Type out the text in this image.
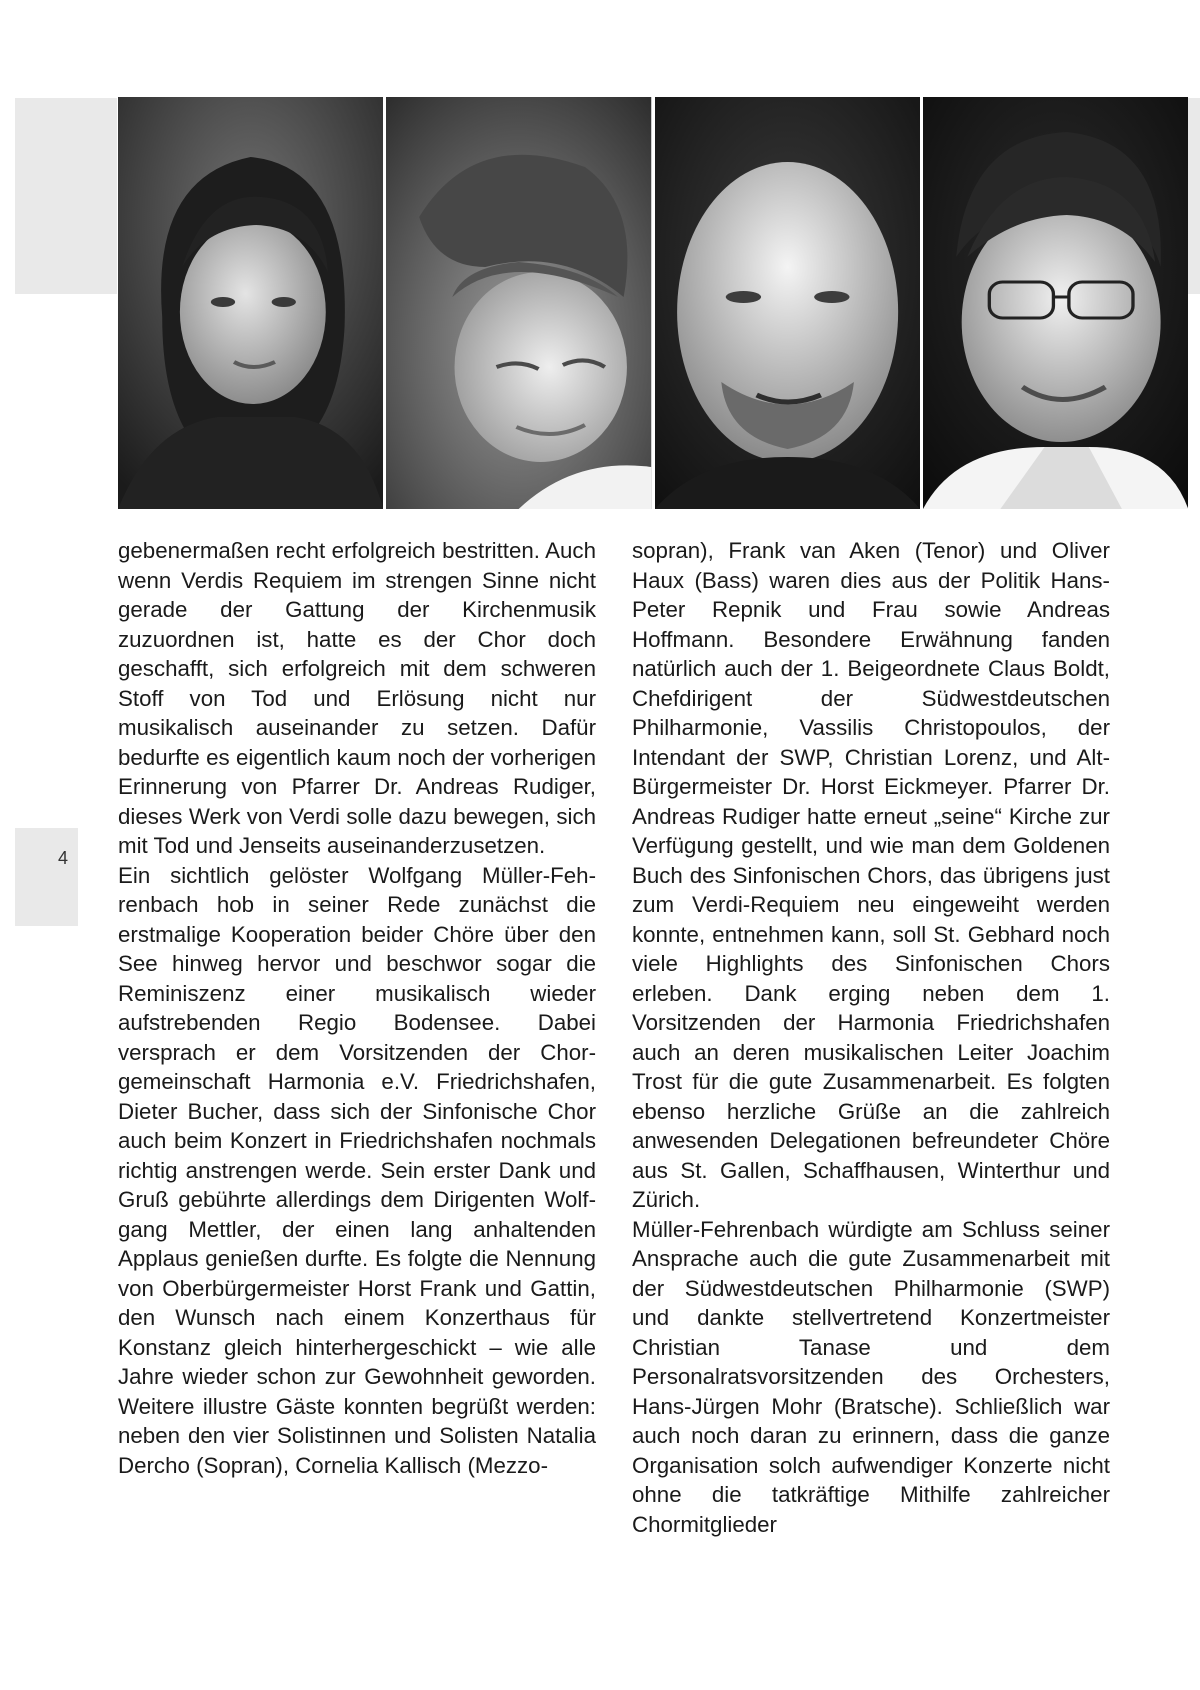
4

gebenermaßen recht erfolgreich bestritten. Auch wenn Verdis Requiem im strengen Sinne nicht gerade der Gattung der Kirchenmusik zuzuordnen ist, hatte es der Chor doch geschafft, sich erfolgreich mit dem schweren Stoff von Tod und Erlösung nicht nur musikalisch auseinander zu setzen. Dafür bedurfte es eigentlich kaum noch der vorherigen Erinnerung von Pfarrer Dr. Andreas Rudiger, dieses Werk von Verdi solle dazu bewegen, sich mit Tod und Jenseits auseinanderzusetzen.

Ein sichtlich gelöster Wolfgang Müller-Fehrenbach hob in seiner Rede zunächst die erstmalige Kooperation beider Chöre über den See hinweg hervor und beschwor sogar die Reminiszenz einer musikalisch wieder aufstrebenden Regio Bodensee. Dabei versprach er dem Vorsitzenden der Chorgemeinschaft Harmonia e.V. Friedrichshafen, Dieter Bucher, dass sich der Sinfonische Chor auch beim Konzert in Friedrichshafen nochmals richtig anstrengen werde. Sein erster Dank und Gruß gebührte allerdings dem Dirigenten Wolfgang Mettler, der einen lang anhaltenden Applaus genießen durfte. Es folgte die Nennung von Oberbürgermeister Horst Frank und Gattin, den Wunsch nach einem Konzerthaus für Konstanz gleich hinterhergeschickt – wie alle Jahre wieder schon zur Gewohnheit geworden. Weitere illustre Gäste konnten begrüßt werden: neben den vier Solistinnen und Solisten Natalia Dercho (Sopran), Cornelia Kallisch (Mezzo-

sopran), Frank van Aken (Tenor) und Oliver Haux (Bass) waren dies aus der Politik Hans-Peter Repnik und Frau sowie Andreas Hoffmann. Besondere Erwähnung fanden natürlich auch der 1. Beigeordnete Claus Boldt, Chefdirigent der Südwestdeutschen Philharmonie, Vassilis Christopoulos, der Intendant der SWP, Christian Lorenz, und Alt-Bürgermeister Dr. Horst Eickmeyer. Pfarrer Dr. Andreas Rudiger hatte erneut „seine“ Kirche zur Verfügung gestellt, und wie man dem Goldenen Buch des Sinfonischen Chors, das übrigens just zum Verdi-Requiem neu eingeweiht werden konnte, entnehmen kann, soll St. Gebhard noch viele Highlights des Sinfonischen Chors erleben. Dank erging neben dem 1. Vorsitzenden der Harmonia Friedrichshafen auch an deren musikalischen Leiter Joachim Trost für die gute Zusammenarbeit. Es folgten ebenso herzliche Grüße an die zahlreich anwesenden Delegationen befreundeter Chöre aus St. Gallen, Schaffhausen, Winterthur und Zürich.

Müller-Fehrenbach würdigte am Schluss seiner Ansprache auch die gute Zusammenarbeit mit der Südwestdeutschen Philharmonie (SWP) und dankte stellvertretend Konzertmeister Christian Tanase und dem Personalratsvorsitzenden des Orchesters, Hans-Jürgen Mohr (Bratsche). Schließlich war auch noch daran zu erinnern, dass die ganze Organisation solch aufwendiger Konzerte nicht ohne die tatkräftige Mithilfe zahlreicher Chormitglieder
